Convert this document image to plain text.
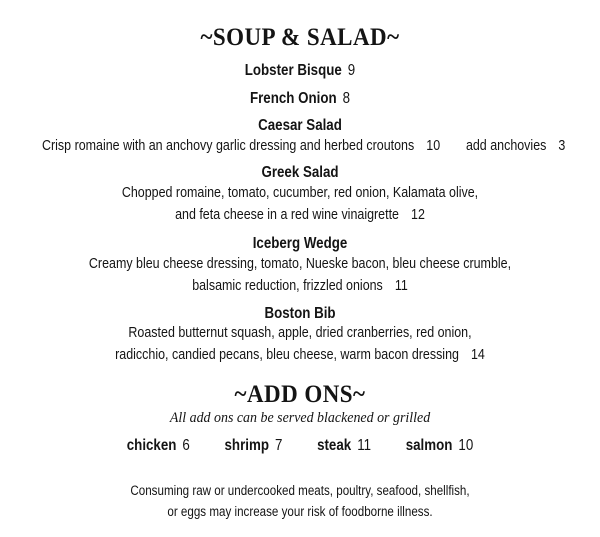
~SOUP & SALAD~
Lobster Bisque 9
French Onion 8
Caesar Salad
Crisp romaine with an anchovy garlic dressing and herbed croutons 10 add anchovies 3
Greek Salad
Chopped romaine, tomato, cucumber, red onion, Kalamata olive,
and feta cheese in a red wine vinaigrette 12
Iceberg Wedge
Creamy bleu cheese dressing, tomato, Nueske bacon, bleu cheese crumble,
balsamic reduction, frizzled onions 11
Boston Bib
Roasted butternut squash, apple, dried cranberries, red onion,
radicchio, candied pecans, bleu cheese, warm bacon dressing 14
~ADD ONS~
All add ons can be served blackened or grilled
chicken 6 shrimp 7 steak 11 salmon 10
Consuming raw or undercooked meats, poultry, seafood, shellfish,
or eggs may increase your risk of foodborne illness.
